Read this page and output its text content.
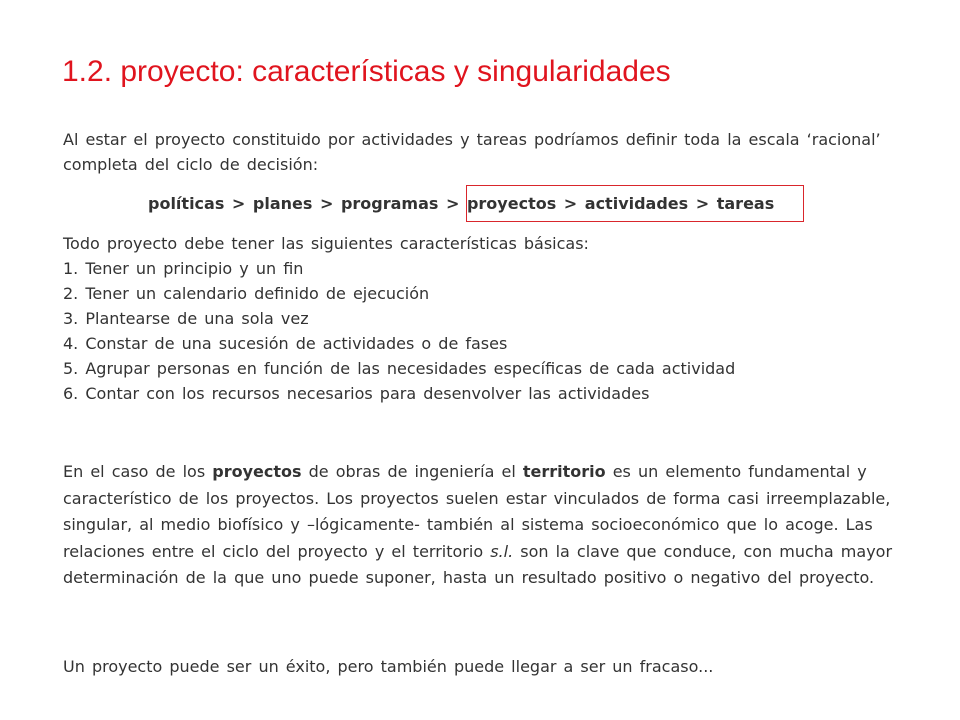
1.2. proyecto: características y singularidades

Al estar el proyecto constituido por actividades y tareas podríamos definir toda la escala ‘racional’ completa del ciclo de decisión:

políticas > planes > programas > proyectos > actividades > tareas

Todo proyecto debe tener las siguientes características básicas:

1. Tener un principio y un fin
2. Tener un calendario definido de ejecución
3. Plantearse de una sola vez
4. Constar de una sucesión de actividades o de fases
5. Agrupar personas en función de las necesidades específicas de cada actividad
6. Contar con los recursos necesarios para desenvolver las actividades

En el caso de los proyectos de obras de ingeniería el territorio es un elemento fundamental y característico de los proyectos. Los proyectos suelen estar vinculados de forma casi irreemplazable, singular, al medio biofísico y –lógicamente- también al sistema socioeconómico que lo acoge. Las relaciones entre el ciclo del proyecto y el territorio s.l. son la clave que conduce, con mucha mayor determinación de la que uno puede suponer, hasta un resultado positivo o negativo del proyecto.

Un proyecto puede ser un éxito, pero también puede llegar a ser un fracaso...
